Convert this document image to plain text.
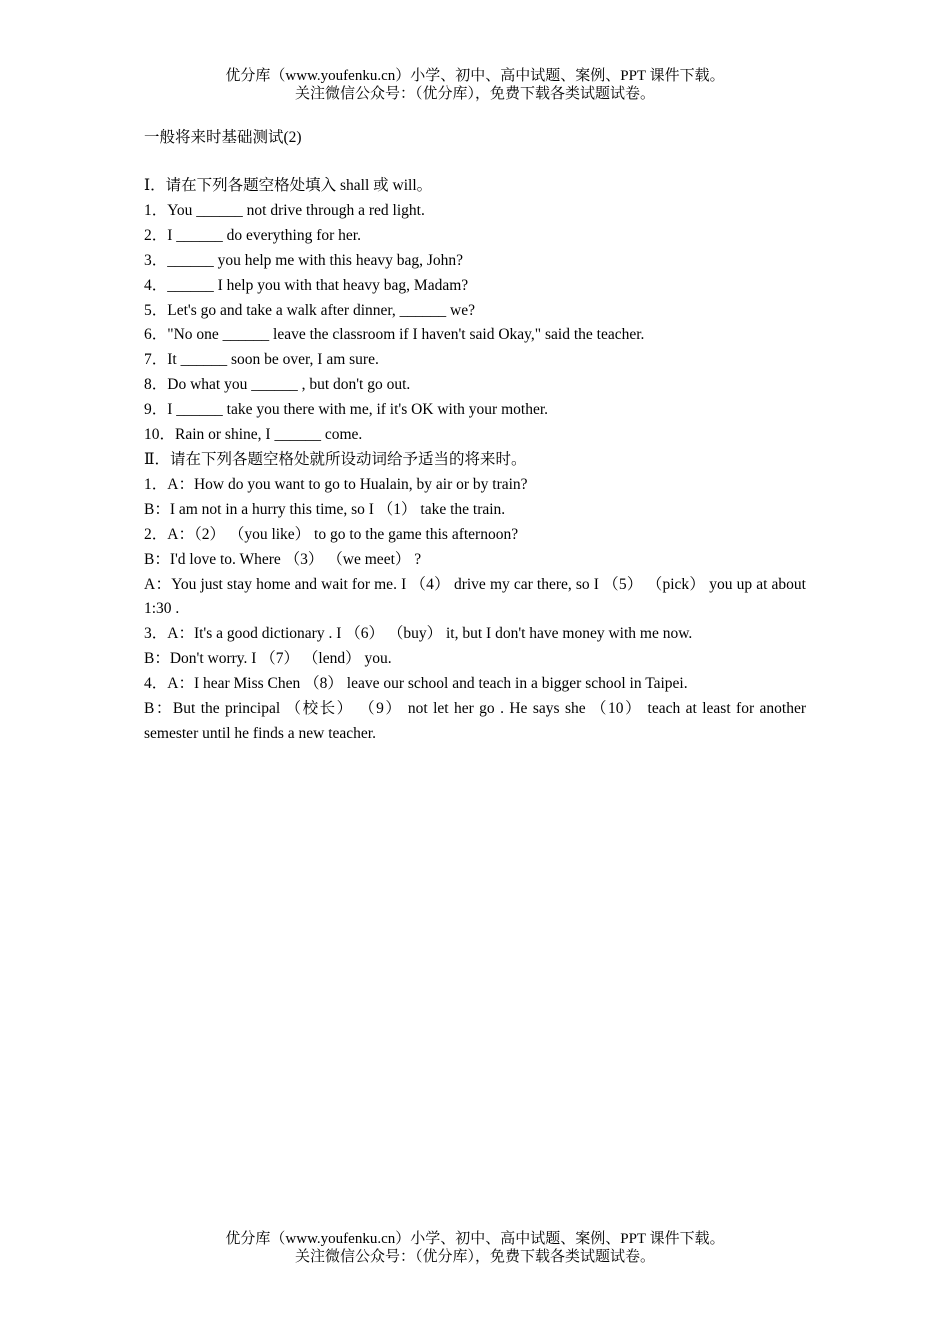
优分库（www.youfenku.cn）小学、初中、高中试题、案例、PPT 课件下载。
关注微信公众号：（优分库），免费下载各类试题试卷。
一般将来时基础测试(2)
Ⅰ．请在下列各题空格处填入 shall 或 will。
1．You ______ not drive through a red light.
2．I ______ do everything for her.
3．______ you help me with this heavy bag, John?
4．______ I help you with that heavy bag, Madam?
5．Let's go and take a walk after dinner, ______ we?
6．"No one ______ leave the classroom if I haven't said Okay," said the teacher.
7．It ______ soon be over, I am sure.
8．Do what you ______ , but don't go out.
9．I ______ take you there with me, if it's OK with your mother.
10．Rain or shine, I ______ come.
Ⅱ．请在下列各题空格处就所设动词给予适当的将来时。
1．A：How do you want to go to Hualain, by air or by train?
B：I am not in a hurry this time, so I （1） take the train.
2．A：（2） （you like） to go to the game this afternoon?
B：I'd love to. Where （3） （we meet） ?
A：You just stay home and wait for me. I （4） drive my car there, so I （5） （pick） you up at about 1:30 .
3．A：It's a good dictionary . I （6） （buy） it, but I don't have money with me now.
B：Don't worry. I （7） （lend） you.
4．A：I hear Miss Chen （8） leave our school and teach in a bigger school in Taipei.
B：But the principal （校长） （9） not let her go . He says she （10） teach at least for another semester until he finds a new teacher.
优分库（www.youfenku.cn）小学、初中、高中试题、案例、PPT 课件下载。
关注微信公众号：（优分库），免费下载各类试题试卷。
